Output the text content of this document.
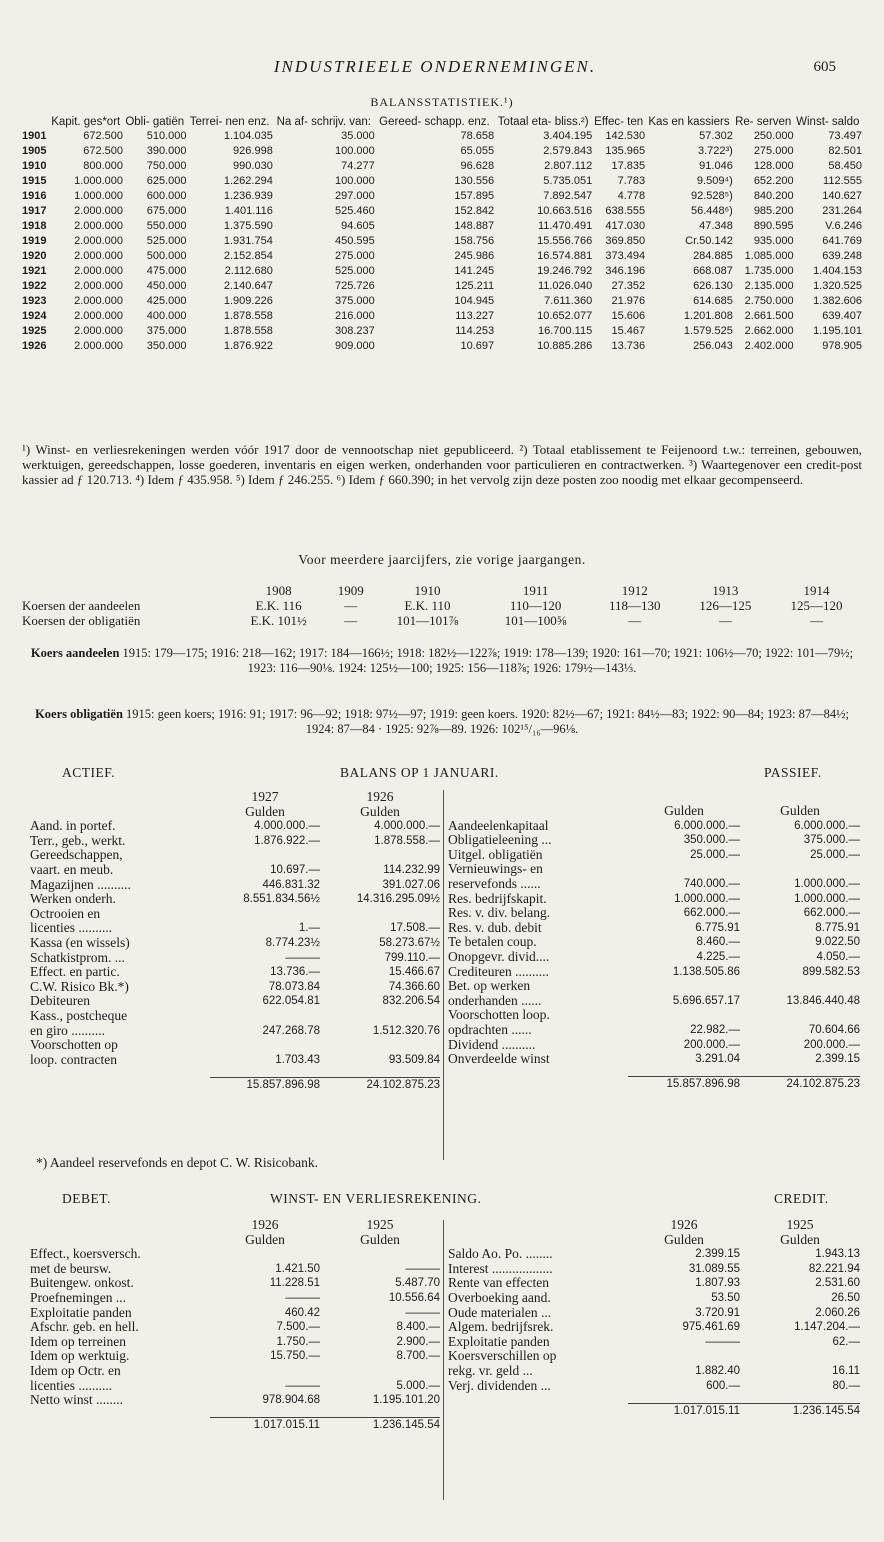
INDUSTRIEELE ONDERNEMINGEN.	605
BALANSSTATISTIEK.¹)
	Kapit. ges*ort	Obli- gatiën	Terrei- nen enz.	Na af- schrijv. van:	Gereed- schapp. enz.	Totaal eta- bliss.²)	Effec- ten	Kas en kassiers	Re- serven	Winst- saldo
1901	672.500	510.000	1.104.035	35.000	78.658	3.404.195	142.530	57.302	250.000	73.497
1905	672.500	390.000	926.998	100.000	65.055	2.579.843	135.965	3.722³)	275.000	82.501
1910	800.000	750.000	990.030	74.277	96.628	2.807.112	17.835	91.046	128.000	58.450
1915	1.000.000	625.000	1.262.294	100.000	130.556	5.735.051	7.783	9.509⁴)	652.200	112.555
1916	1.000.000	600.000	1.236.939	297.000	157.895	7.892.547	4.778	92.528⁵)	840.200	140.627
1917	2.000.000	675.000	1.401.116	525.460	152.842	10.663.516	638.555	56.448⁶)	985.200	231.264
1918	2.000.000	550.000	1.375.590	94.605	148.887	11.470.491	417.030	47.348	890.595	V.6.246
1919	2.000.000	525.000	1.931.754	450.595	158.756	15.556.766	369.850	Cr.50.142	935.000	641.769
1920	2.000.000	500.000	2.152.854	275.000	245.986	16.574.881	373.494	284.885	1.085.000	639.248
1921	2.000.000	475.000	2.112.680	525.000	141.245	19.246.792	346.196	668.087	1.735.000	1.404.153
1922	2.000.000	450.000	2.140.647	725.726	125.211	11.026.040	27.352	626.130	2.135.000	1.320.525
1923	2.000.000	425.000	1.909.226	375.000	104.945	7.611.360	21.976	614.685	2.750.000	1.382.606
1924	2.000.000	400.000	1.878.558	216.000	113.227	10.652.077	15.606	1.201.808	2.661.500	639.407
1925	2.000.000	375.000	1.878.558	308.237	114.253	16.700.115	15.467	1.579.525	2.662.000	1.195.101
1926	2.000.000	350.000	1.876.922	909.000	10.697	10.885.286	13.736	256.043	2.402.000	978.905

¹) Winst- en verliesrekeningen werden vóór 1917 door de vennootschap niet gepubliceerd. ²) Totaal etablissement te Feijenoord t.w.: terreinen, gebouwen, werktuigen, gereedschappen, losse goederen, inventaris en eigen werken, onderhanden voor particulieren en contractwerken. ³) Waartegenover een credit-post kassier ad ƒ 120.713. ⁴) Idem ƒ 435.958. ⁵) Idem ƒ 246.255. ⁶) Idem ƒ 660.390; in het vervolg zijn deze posten zoo noodig met elkaar gecompenseerd.

Voor meerdere jaarcijfers, zie vorige jaargangen.
	1908	1909	1910	1911	1912	1913	1914
Koersen der aandeelen	E.K. 116	—	E.K. 110	110—120	118—130	126—125	125—120
Koersen der obligatiën	E.K. 101½	—	101—101⅞	101—100⅝	—	—	—
Koers aandeelen 1915: 179—175; 1916: 218—162; 1917: 184—166½; 1918: 182½—122⅞; 1919: 178—139; 1920: 161—70; 1921: 106½—70; 1922: 101—79½; 1923: 116—90⅛. 1924: 125½—100; 1925: 156—118⅞; 1926: 179½—143⅓.
Koers obligatiën 1915: geen koers; 1916: 91; 1917: 96—92; 1918: 97½—97; 1919: geen koers. 1920: 82½—67; 1921: 84½—83; 1922: 90—84; 1923: 87—84½; 1924: 87—84 · 1925: 92⅞—89. 1926: 102¹⁵/₁₆—96⅛.
ACTIEF.	BALANS OP 1 JANUARI.	PASSIEF.
	1927	1926
	Gulden	Gulden
Aand. in portef.	4.000.000.—	4.000.000.—
Terr., geb., werkt.	1.876.922.—	1.878.558.—
Gereedschappen,		
vaart. en meub.	10.697.—	114.232.99
Magazijnen ..........	446.831.32	391.027.06
Werken onderh.	8.551.834.56½	14.316.295.09½
Octrooien en		
licenties ..........	1.—	17.508.—
Kassa (en wissels)	8.774.23½	58.273.67½
Schatkistprom. ...	———	799.110.—
Effect. en partic.	13.736.—	15.466.67
C.W. Risico Bk.*)	78.073.84	74.366.60
Debiteuren	622.054.81	832.206.54
Kass., postcheque		
en giro ..........	247.268.78	1.512.320.76
Voorschotten op		
loop. contracten	1.703.43	93.509.84

	15.857.896.98	24.102.875.23

	Gulden	Gulden
Aandeelenkapitaal	6.000.000.—	6.000.000.—
Obligatieleening ...	350.000.—	375.000.—
Uitgel. obligatiën	25.000.—	25.000.—
Vernieuwings- en		
reservefonds ......	740.000.—	1.000.000.—
Res. bedrijfskapit.	1.000.000.—	1.000.000.—
Res. v. div. belang.	662.000.—	662.000.—
Res. v. dub. debit	6.775.91	8.775.91
Te betalen coup.	8.460.—	9.022.50
Onopgevr. divid....	4.225.—	4.050.—
Crediteuren ..........	1.138.505.86	899.582.53
Bet. op werken		
onderhanden ......	5.696.657.17	13.846.440.48
Voorschotten loop.		
opdrachten ......	22.982.—	70.604.66
Dividend ..........	200.000.—	200.000.—
Onverdeelde winst	3.291.04	2.399.15

	15.857.896.98	24.102.875.23
*) Aandeel reservefonds en depot C. W. Risicobank.
DEBET.	WINST- EN VERLIESREKENING.	CREDIT.
	1926	1925
	Gulden	Gulden
Effect., koersversch.		
met de beursw.	1.421.50	———
Buitengew. onkost.	11.228.51	5.487.70
Proefnemingen ...	———	10.556.64
Exploitatie panden	460.42	———
Afschr. geb. en hell.	7.500.—	8.400.—
Idem op terreinen	1.750.—	2.900.—
Idem op werktuig.	15.750.—	8.700.—
Idem op Octr. en		
licenties ..........	———	5.000.—
Netto winst ........	978.904.68	1.195.101.20

	1.017.015.11	1.236.145.54
	1926	1925
	Gulden	Gulden
Saldo Ao. Po. ........	2.399.15	1.943.13
Interest ..................	31.089.55	82.221.94
Rente van effecten	1.807.93	2.531.60
Overboeking aand.	53.50	26.50
Oude materialen ...	3.720.91	2.060.26
Algem. bedrijfsrek.	975.461.69	1.147.204.—
Exploitatie panden	———	62.—
Koersverschillen op		
rekg. vr. geld ...	1.882.40	16.11
Verj. dividenden ...	600.—	80.—

	1.017.015.11	1.236.145.54
